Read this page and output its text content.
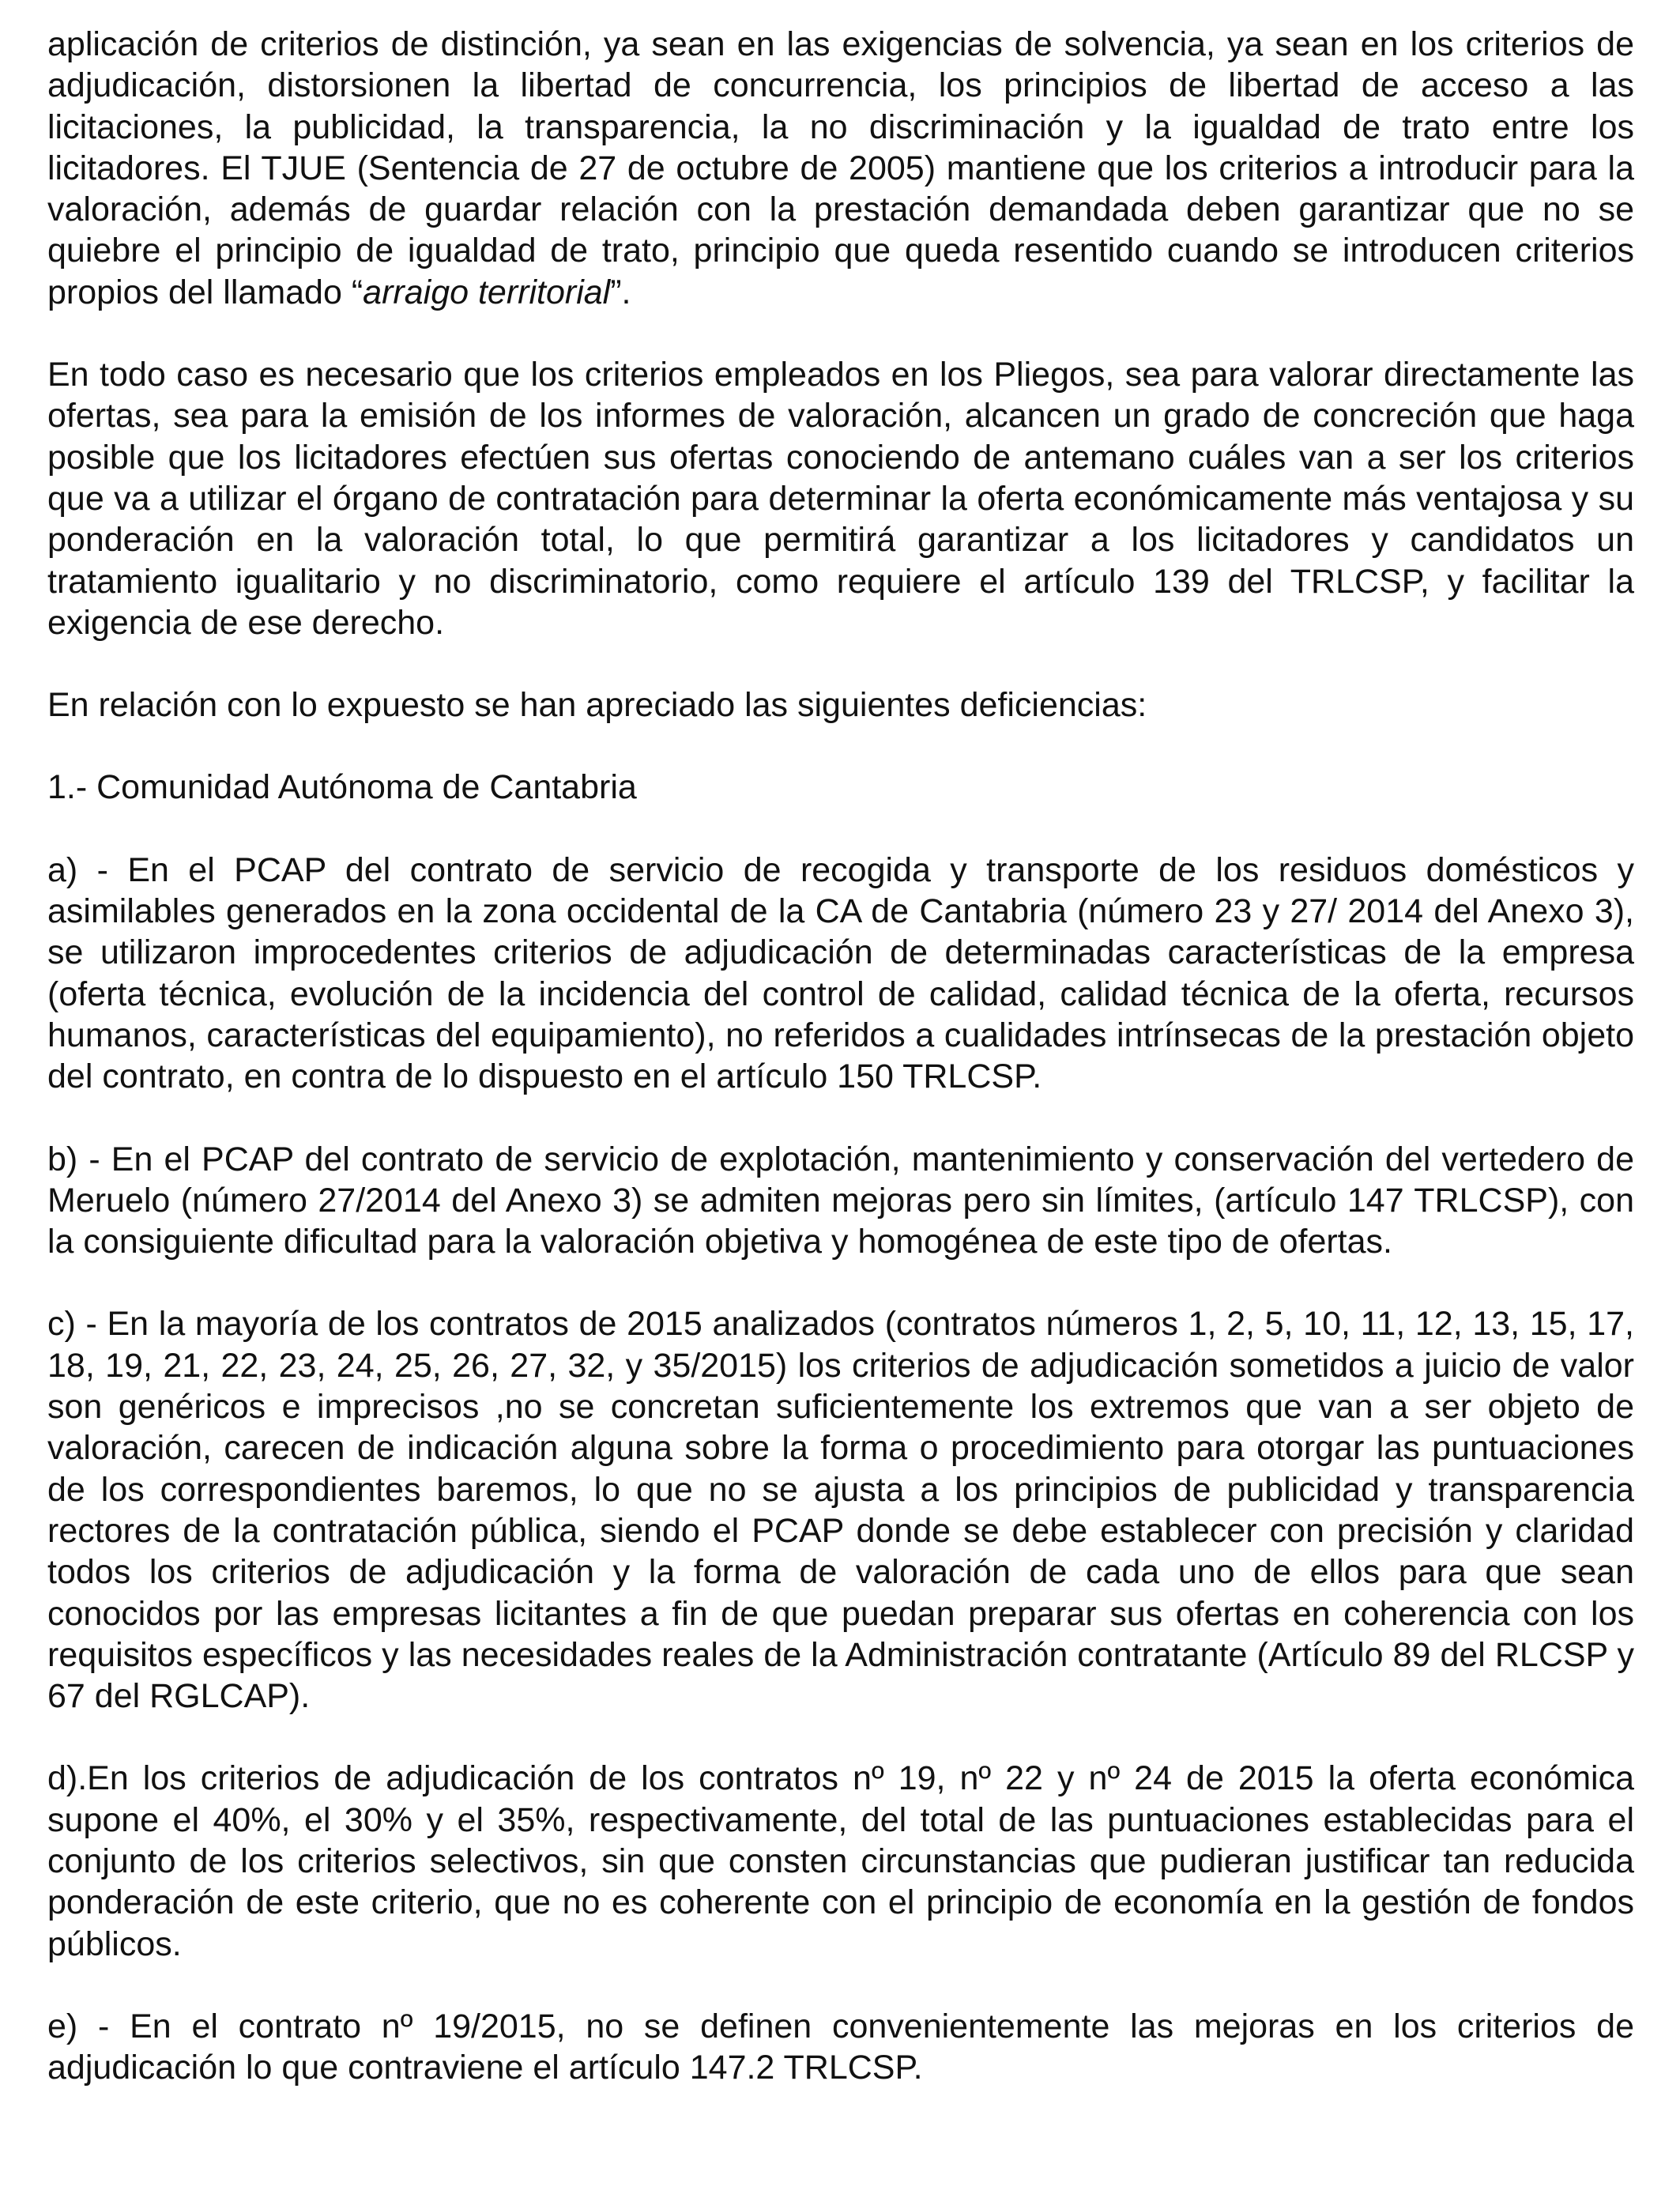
aplicación de criterios de distinción, ya sean en las exigencias de solvencia, ya sean en los criterios de adjudicación, distorsionen la libertad de concurrencia, los principios de libertad de acceso a las licitaciones, la publicidad, la transparencia, la no discriminación y la igualdad de trato entre los licitadores. El TJUE (Sentencia de 27 de octubre de 2005) mantiene que los criterios a introducir para la valoración, además de guardar relación con la prestación demandada deben garantizar que no se quiebre el principio de igualdad de trato, principio que queda resentido cuando se introducen criterios propios del llamado “arraigo territorial”.

En todo caso es necesario que los criterios empleados en los Pliegos, sea para valorar directamente las ofertas, sea para la emisión de los informes de valoración, alcancen un grado de concreción que haga posible que los licitadores efectúen sus ofertas conociendo de antemano cuáles van a ser los criterios que va a utilizar el órgano de contratación para determinar la oferta económicamente más ventajosa y su ponderación en la valoración total, lo que permitirá garantizar a los licitadores y candidatos un tratamiento igualitario y no discriminatorio, como requiere el artículo 139 del TRLCSP, y facilitar la exigencia de ese derecho.

En relación con lo expuesto se han apreciado las siguientes deficiencias:

1.- Comunidad Autónoma de Cantabria

a) - En el PCAP del contrato de servicio de recogida y transporte de los residuos domésticos y asimilables generados en la zona occidental de la CA de Cantabria (número 23 y 27/ 2014 del Anexo 3), se utilizaron improcedentes criterios de adjudicación de determinadas características de la empresa (oferta técnica, evolución de la incidencia del control de calidad, calidad técnica de la oferta, recursos humanos, características del equipamiento), no referidos a cualidades intrínsecas de la prestación objeto del contrato, en contra de lo dispuesto en el artículo 150 TRLCSP.

b) - En el PCAP del contrato de servicio de explotación, mantenimiento y conservación del vertedero de Meruelo (número 27/2014 del Anexo 3) se admiten mejoras pero sin límites, (artículo 147 TRLCSP), con la consiguiente dificultad para la valoración objetiva y homogénea de este tipo de ofertas.

c) - En la mayoría de los contratos de 2015 analizados (contratos números 1, 2, 5, 10, 11, 12, 13, 15, 17, 18, 19, 21, 22, 23, 24, 25, 26, 27, 32, y 35/2015) los criterios de adjudicación sometidos a juicio de valor son genéricos e imprecisos ,no se concretan suficientemente los extremos que van a ser objeto de valoración, carecen de indicación alguna sobre la forma o procedimiento para otorgar las puntuaciones de los correspondientes baremos, lo que no se ajusta a los principios de publicidad y transparencia rectores de la contratación pública, siendo el PCAP donde se debe establecer con precisión y claridad todos los criterios de adjudicación y la forma de valoración de cada uno de ellos para que sean conocidos por las empresas licitantes a fin de que puedan preparar sus ofertas en coherencia con los requisitos específicos y las necesidades reales de la Administración contratante (Artículo 89 del RLCSP y 67 del RGLCAP).

d).En los criterios de adjudicación de los contratos nº 19, nº 22 y nº 24 de 2015 la oferta económica supone el 40%, el 30% y el 35%, respectivamente, del total de las puntuaciones establecidas para el conjunto de los criterios selectivos, sin que consten circunstancias que pudieran justificar tan reducida ponderación de este criterio, que no es coherente con el principio de economía en la gestión de fondos públicos.

e) - En el contrato nº 19/2015, no se definen convenientemente las mejoras en los criterios de adjudicación lo que contraviene el artículo 147.2 TRLCSP.
